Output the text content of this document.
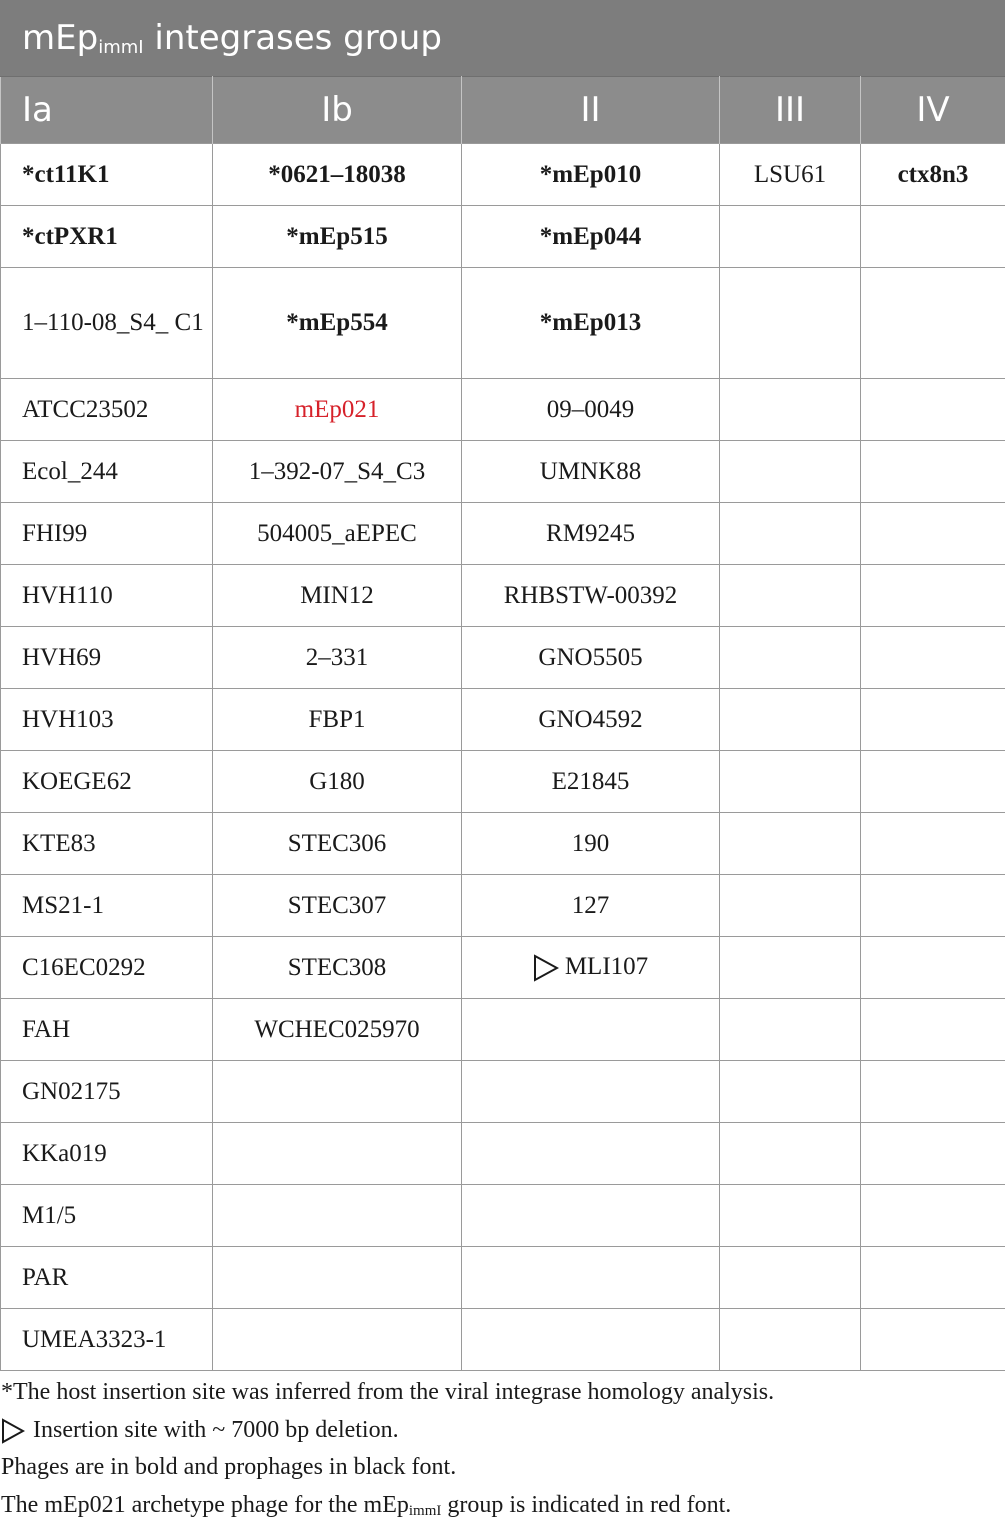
mEp$_{immI}$ integrases group
Ia	Ib	II	III	IV
*ct11K1	*0621–18038	*mEp010	LSU61	ctx8n3
*ctPXR1	*mEp515	*mEp044		
1–110-08_S4_ C1	*mEp554	*mEp013		
ATCC23502	mEp021	09–0049		
Ecol_244	1–392-07_S4_C3	UMNK88		
FHI99	504005_aEPEC	RM9245		
HVH110	MIN12	RHBSTW-00392		
HVH69	2–331	GNO5505		
HVH103	FBP1	GNO4592		
KOEGE62	G180	E21845		
KTE83	STEC306	190		
MS21-1	STEC307	127		
C16EC0292	STEC308	MLI107		
FAH	WCHEC025970			
GN02175				
KKa019				
M1/5				
PAR				
UMEA3323-1				
*The host insertion site was inferred from the viral integrase homology analysis.
Insertion site with ~ 7000 bp deletion.
Phages are in bold and prophages in black font.
The mEp021 archetype phage for the mEp$_{immI}$ group is indicated in red font.
